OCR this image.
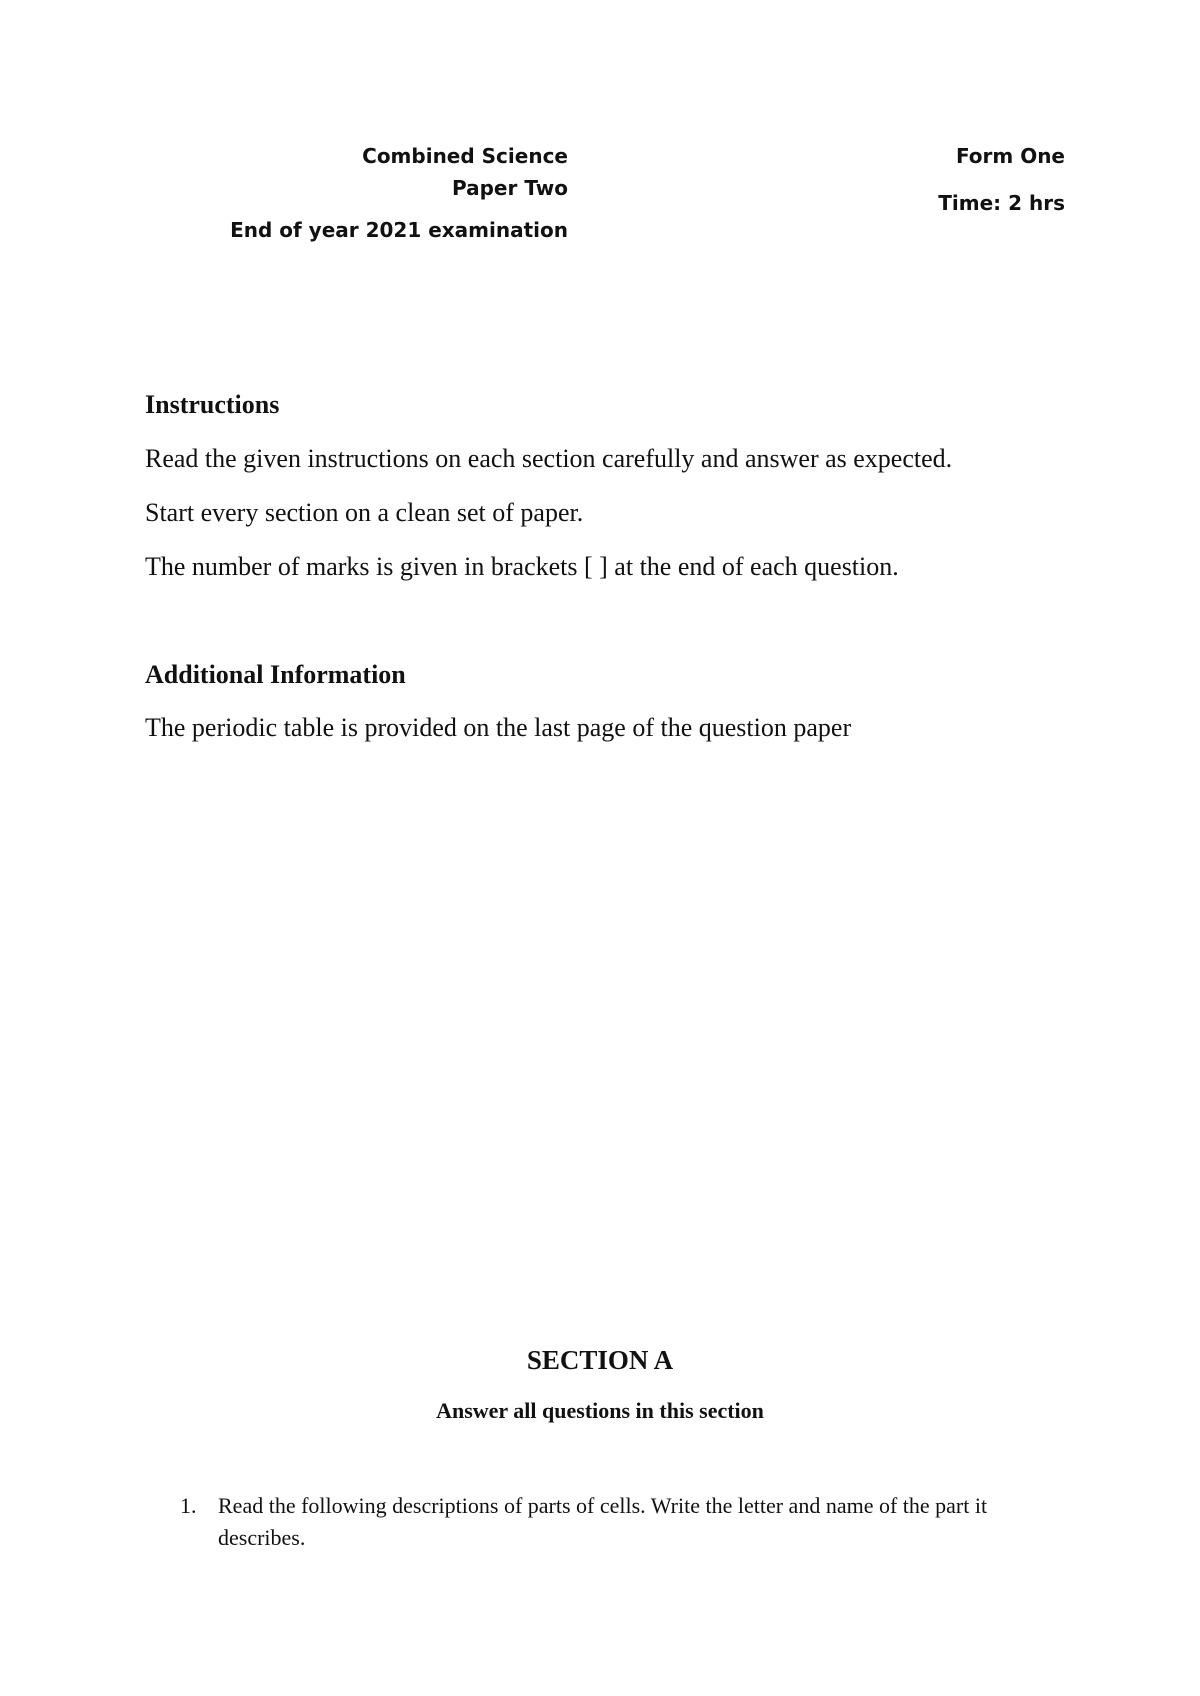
Combined Science
Paper Two
End of year 2021 examination
Form One
Time: 2 hrs
Instructions

Read the given instructions on each section carefully and answer as expected.

Start every section on a clean set of paper.

The number of marks is given in brackets [ ] at the end of each question.

Additional Information

The periodic table is provided on the last page of the question paper

SECTION A

Answer all questions in this section

1. Read the following descriptions of parts of cells. Write the letter and name of the part it describes.
